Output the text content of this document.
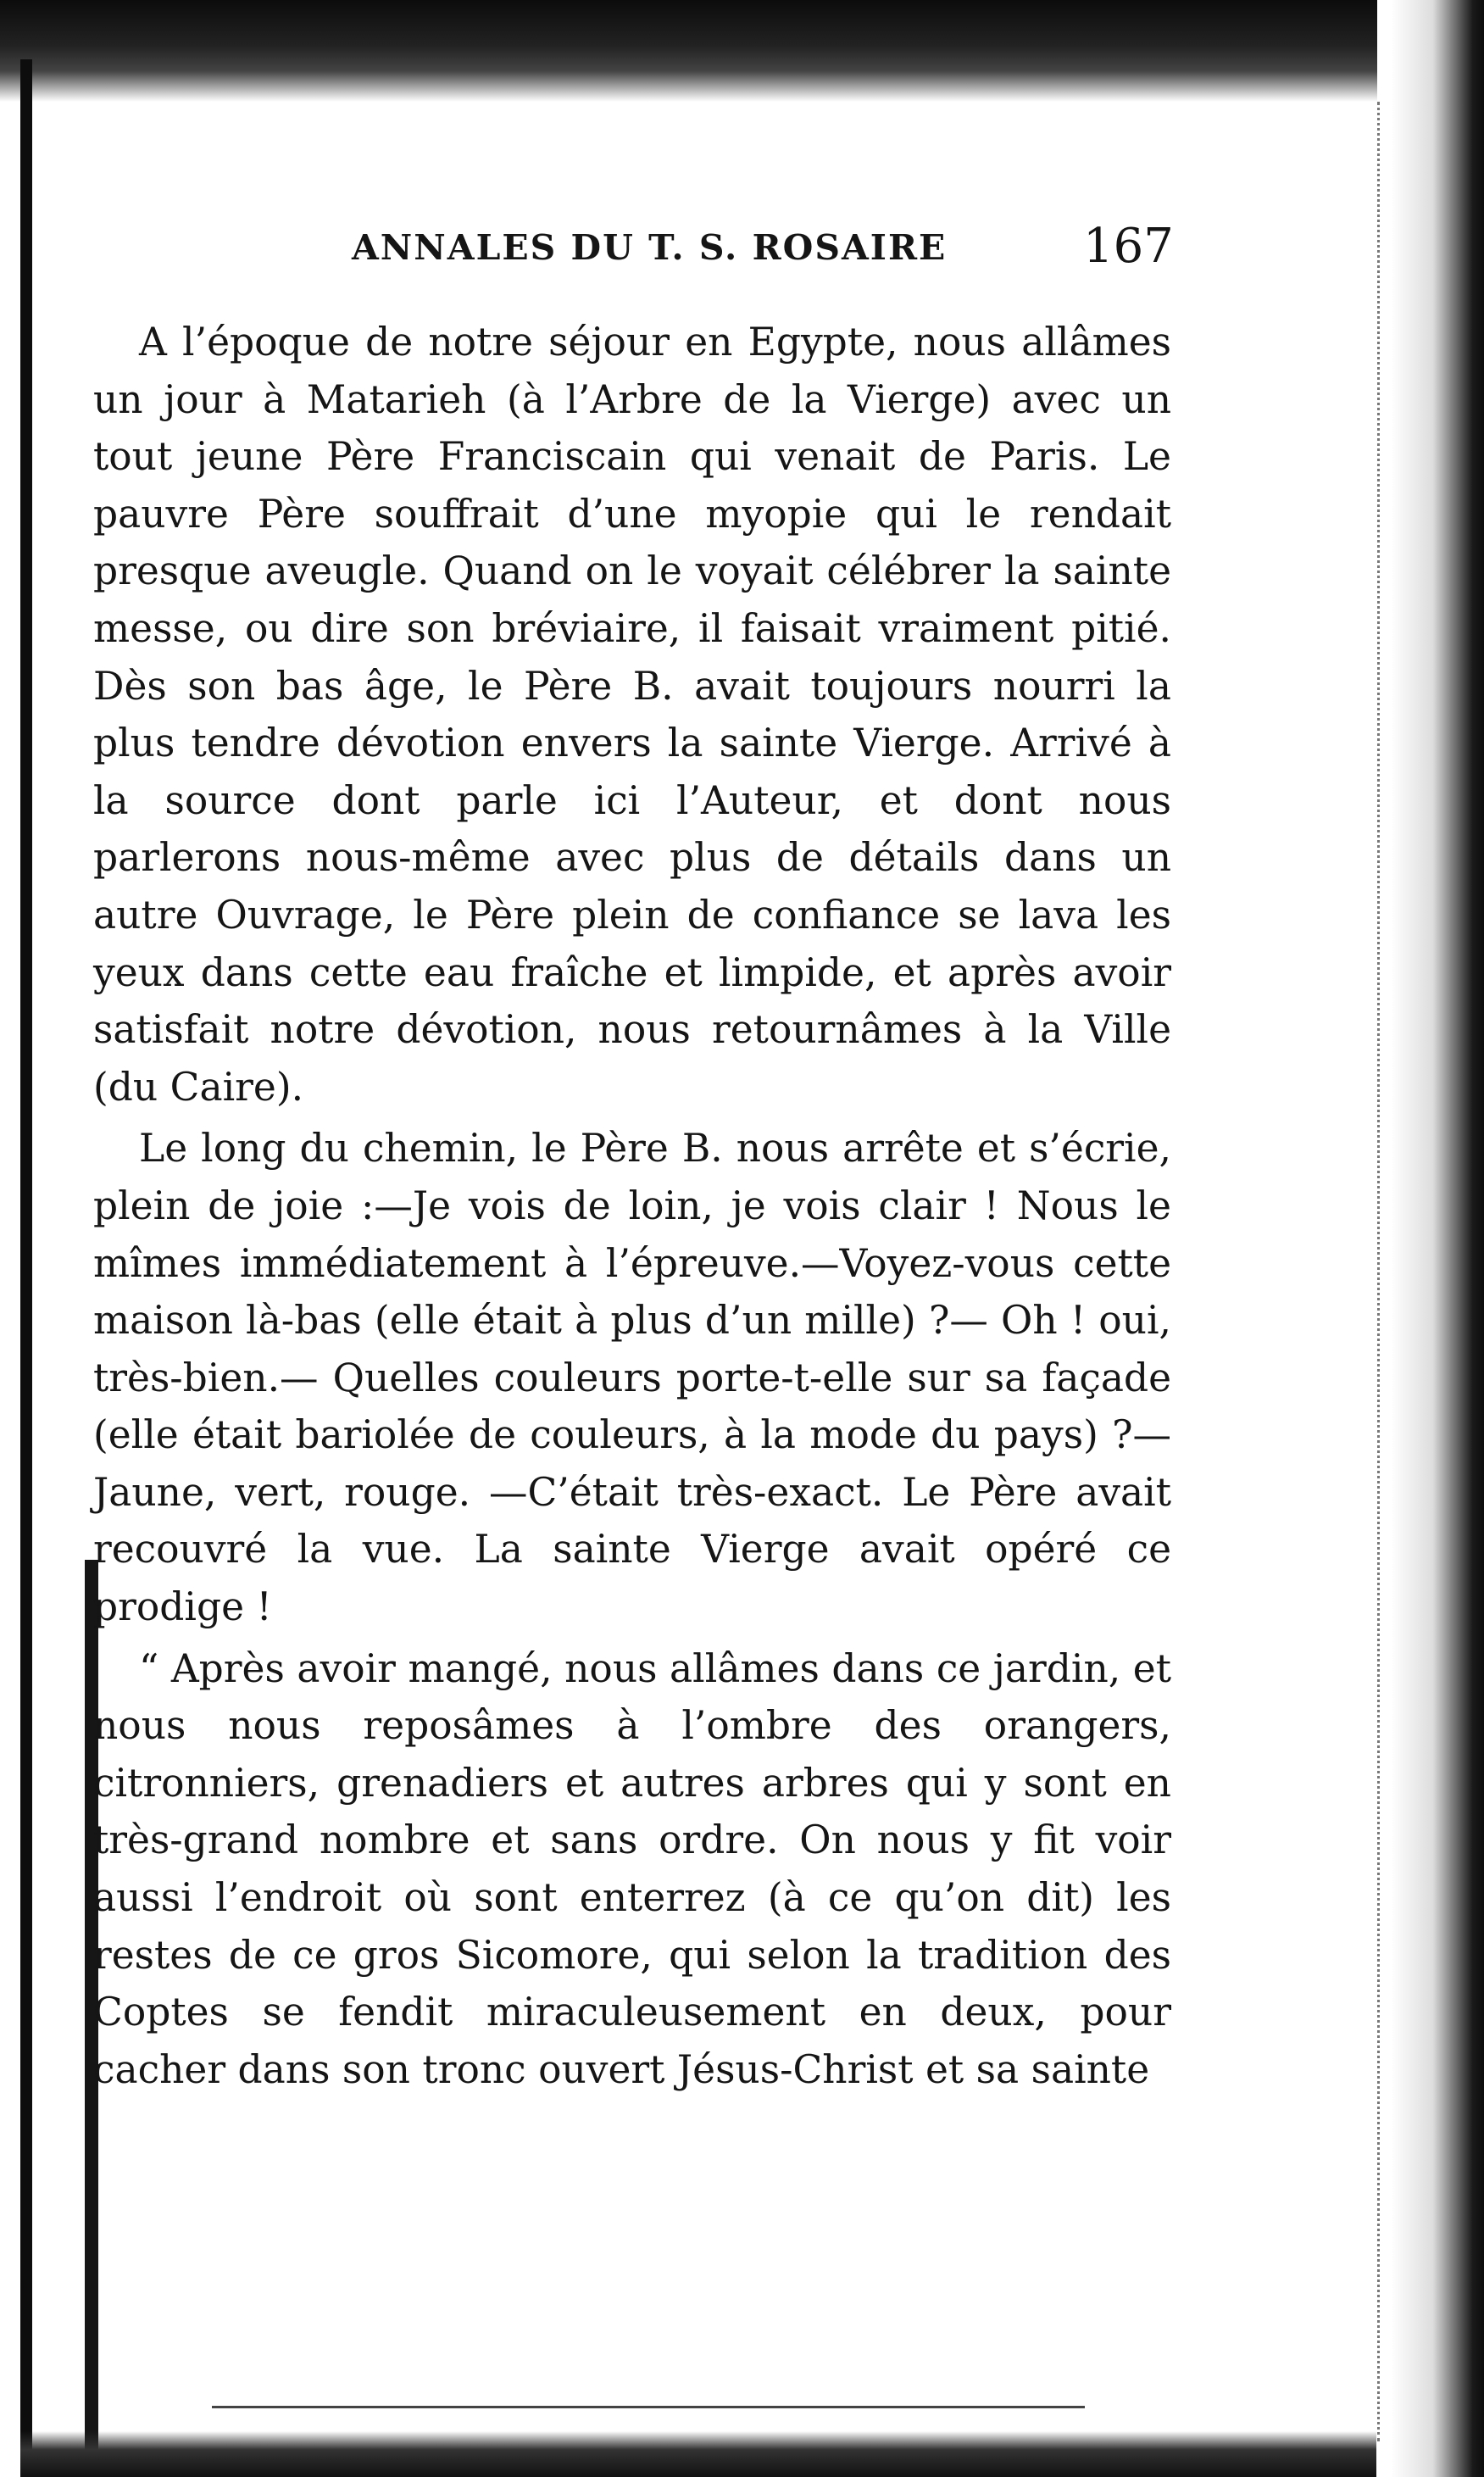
ANNALES DU T. S. ROSAIRE	167

A l’époque de notre séjour en Egypte, nous allâmes un jour à Matarieh (à l’Arbre de la Vierge) avec un tout jeune Père Franciscain qui venait de Paris. Le pauvre Père souffrait d’une myopie qui le rendait presque aveugle. Quand on le voyait célébrer la sainte messe, ou dire son bréviaire, il faisait vraiment pitié. Dès son bas âge, le Père B. avait toujours nourri la plus tendre dévotion envers la sainte Vierge. Arrivé à la source dont parle ici l’Auteur, et dont nous parlerons nous-même avec plus de détails dans un autre Ouvrage, le Père plein de confiance se lava les yeux dans cette eau fraîche et limpide, et après avoir satisfait notre dévotion, nous retournâmes à la Ville (du Caire).

Le long du chemin, le Père B. nous arrête et s’écrie, plein de joie :—Je vois de loin, je vois clair ! Nous le mîmes immédiatement à l’épreuve.—Voyez-vous cette maison là-bas (elle était à plus d’un mille) ?— Oh ! oui, très-bien.— Quelles couleurs porte-t-elle sur sa façade (elle était bariolée de couleurs, à la mode du pays) ?—Jaune, vert, rouge. —C’était très-exact. Le Père avait recouvré la vue. La sainte Vierge avait opéré ce prodige !

“ Après avoir mangé, nous allâmes dans ce jardin, et nous nous reposâmes à l’ombre des orangers, citronniers, grenadiers et autres arbres qui y sont en très-grand nombre et sans ordre. On nous y fit voir aussi l’endroit où sont enterrez (à ce qu’on dit) les restes de ce gros Sicomore, qui selon la tradition des Coptes se fendit miraculeusement en deux, pour cacher dans son tronc ouvert Jésus-Christ et sa sainte
